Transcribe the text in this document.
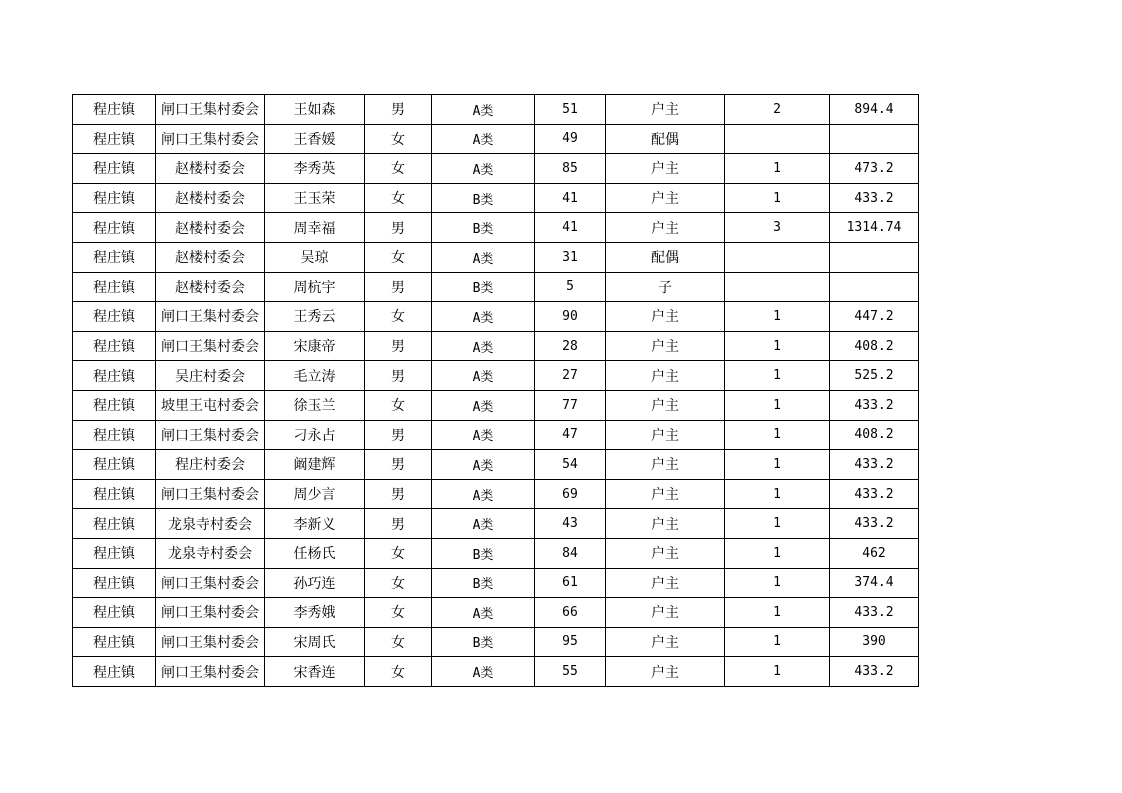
程庄镇	闸口王集村委会	王如森	男	A类	51	户主	2	894.4
程庄镇	闸口王集村委会	王香媛	女	A类	49	配偶		
程庄镇	赵楼村委会	李秀英	女	A类	85	户主	1	473.2
程庄镇	赵楼村委会	王玉荣	女	B类	41	户主	1	433.2
程庄镇	赵楼村委会	周幸福	男	B类	41	户主	3	1314.74
程庄镇	赵楼村委会	吴琼	女	A类	31	配偶		
程庄镇	赵楼村委会	周杭宇	男	B类	5	子		
程庄镇	闸口王集村委会	王秀云	女	A类	90	户主	1	447.2
程庄镇	闸口王集村委会	宋康帝	男	A类	28	户主	1	408.2
程庄镇	吴庄村委会	毛立涛	男	A类	27	户主	1	525.2
程庄镇	坡里王屯村委会	徐玉兰	女	A类	77	户主	1	433.2
程庄镇	闸口王集村委会	刁永占	男	A类	47	户主	1	408.2
程庄镇	程庄村委会	阚建辉	男	A类	54	户主	1	433.2
程庄镇	闸口王集村委会	周少言	男	A类	69	户主	1	433.2
程庄镇	龙泉寺村委会	李新义	男	A类	43	户主	1	433.2
程庄镇	龙泉寺村委会	任杨氏	女	B类	84	户主	1	462
程庄镇	闸口王集村委会	孙巧连	女	B类	61	户主	1	374.4
程庄镇	闸口王集村委会	李秀娥	女	A类	66	户主	1	433.2
程庄镇	闸口王集村委会	宋周氏	女	B类	95	户主	1	390
程庄镇	闸口王集村委会	宋香连	女	A类	55	户主	1	433.2
